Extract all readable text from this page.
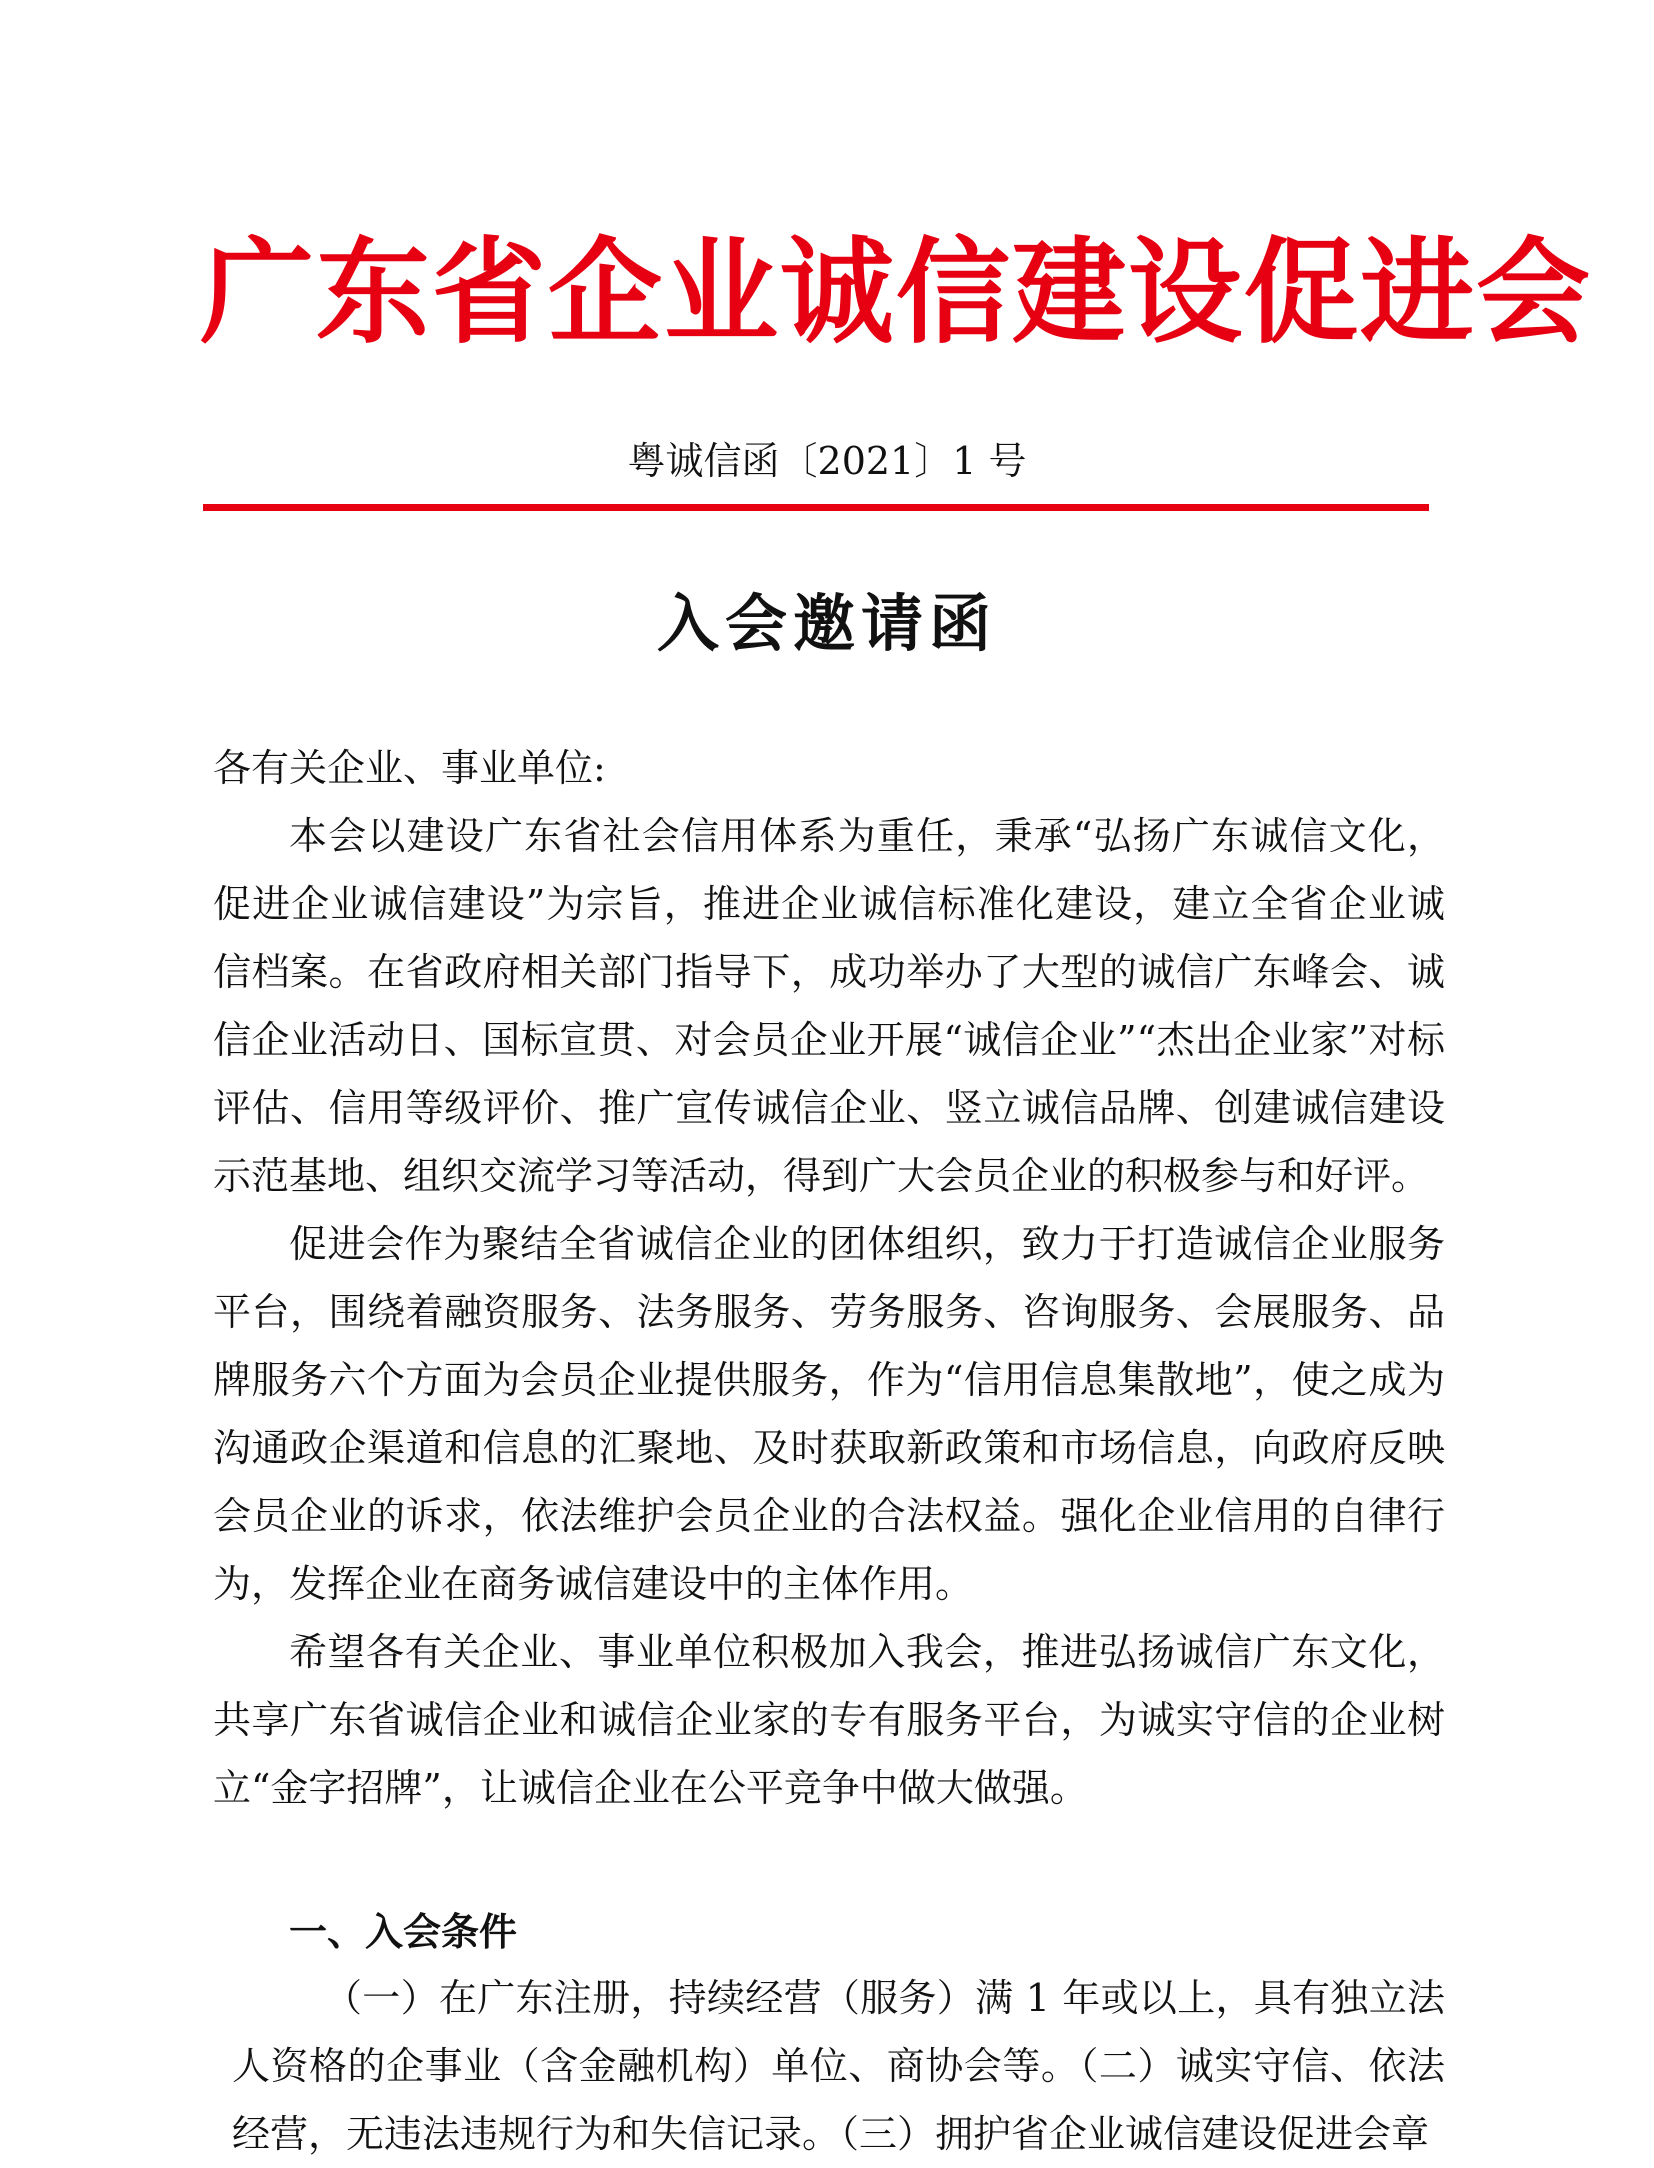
广东省企业诚信建设促进会
粤诚信函〔2021〕1 号
入会邀请函

各有关企业、事业单位:

本会以建设广东省社会信用体系为重任，秉承“弘扬广东诚信文化，促进企业诚信建设”为宗旨，推进企业诚信标准化建设，建立全省企业诚信档案。在省政府相关部门指导下，成功举办了大型的诚信广东峰会、诚信企业活动日、国标宣贯、对会员企业开展“诚信企业”“杰出企业家”对标评估、信用等级评价、推广宣传诚信企业、竖立诚信品牌、创建诚信建设示范基地、组织交流学习等活动，得到广大会员企业的积极参与和好评。

促进会作为聚结全省诚信企业的团体组织，致力于打造诚信企业服务平台，围绕着融资服务、法务服务、劳务服务、咨询服务、会展服务、品牌服务六个方面为会员企业提供服务，作为“信用信息集散地”，使之成为沟通政企渠道和信息的汇聚地、及时获取新政策和市场信息，向政府反映会员企业的诉求，依法维护会员企业的合法权益。强化企业信用的自律行为，发挥企业在商务诚信建设中的主体作用。

希望各有关企业、事业单位积极加入我会，推进弘扬诚信广东文化，共享广东省诚信企业和诚信企业家的专有服务平台，为诚实守信的企业树立“金字招牌”，让诚信企业在公平竞争中做大做强。

一、入会条件

（一）在广东注册，持续经营（服务）满 1 年或以上，具有独立法人资格的企事业（含金融机构）单位、商协会等。（二）诚实守信、依法经营，无违法违规行为和失信记录。（三）拥护省企业诚信建设促进会章
